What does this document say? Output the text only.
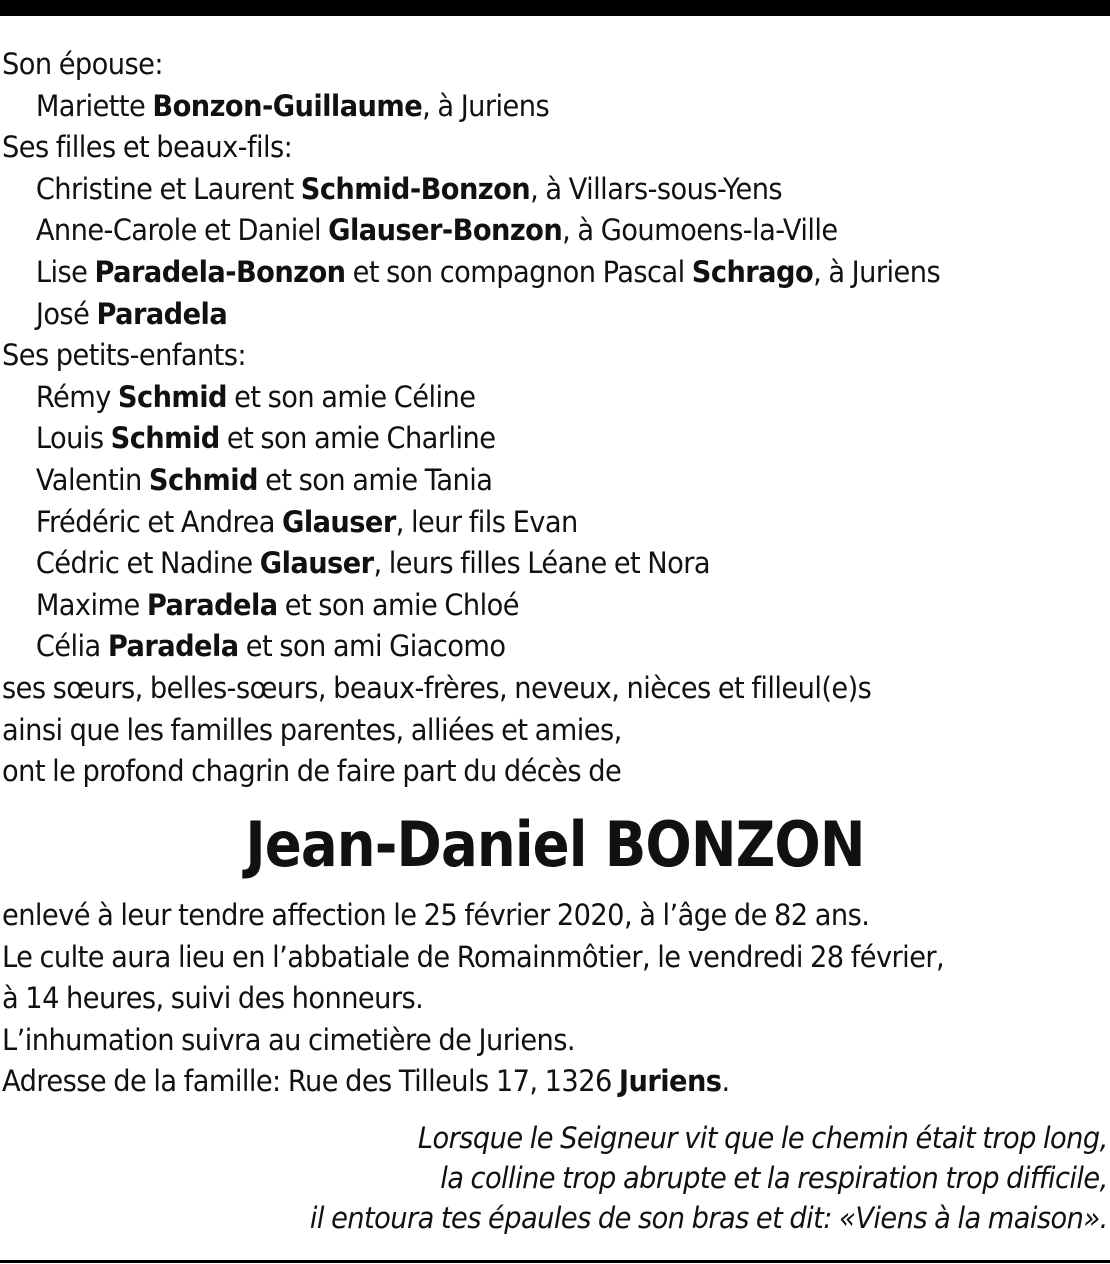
Son épouse:
Mariette Bonzon-Guillaume, à Juriens
Ses filles et beaux-fils:
Christine et Laurent Schmid-Bonzon, à Villars-sous-Yens
Anne-Carole et Daniel Glauser-Bonzon, à Goumoens-la-Ville
Lise Paradela-Bonzon et son compagnon Pascal Schrago, à Juriens
José Paradela
Ses petits-enfants:
Rémy Schmid et son amie Céline
Louis Schmid et son amie Charline
Valentin Schmid et son amie Tania
Frédéric et Andrea Glauser, leur fils Evan
Cédric et Nadine Glauser, leurs filles Léane et Nora
Maxime Paradela et son amie Chloé
Célia Paradela et son ami Giacomo
ses sœurs, belles-sœurs, beaux-frères, neveux, nièces et filleul(e)s
ainsi que les familles parentes, alliées et amies,
ont le profond chagrin de faire part du décès de
Jean-Daniel BONZON
enlevé à leur tendre affection le 25 février 2020, à l’âge de 82 ans.
Le culte aura lieu en l’abbatiale de Romainmôtier, le vendredi 28 février,
à 14 heures, suivi des honneurs.
L’inhumation suivra au cimetière de Juriens.
Adresse de la famille: Rue des Tilleuls 17, 1326 Juriens.
Lorsque le Seigneur vit que le chemin était trop long,
la colline trop abrupte et la respiration trop difficile,
il entoura tes épaules de son bras et dit: «Viens à la maison».
